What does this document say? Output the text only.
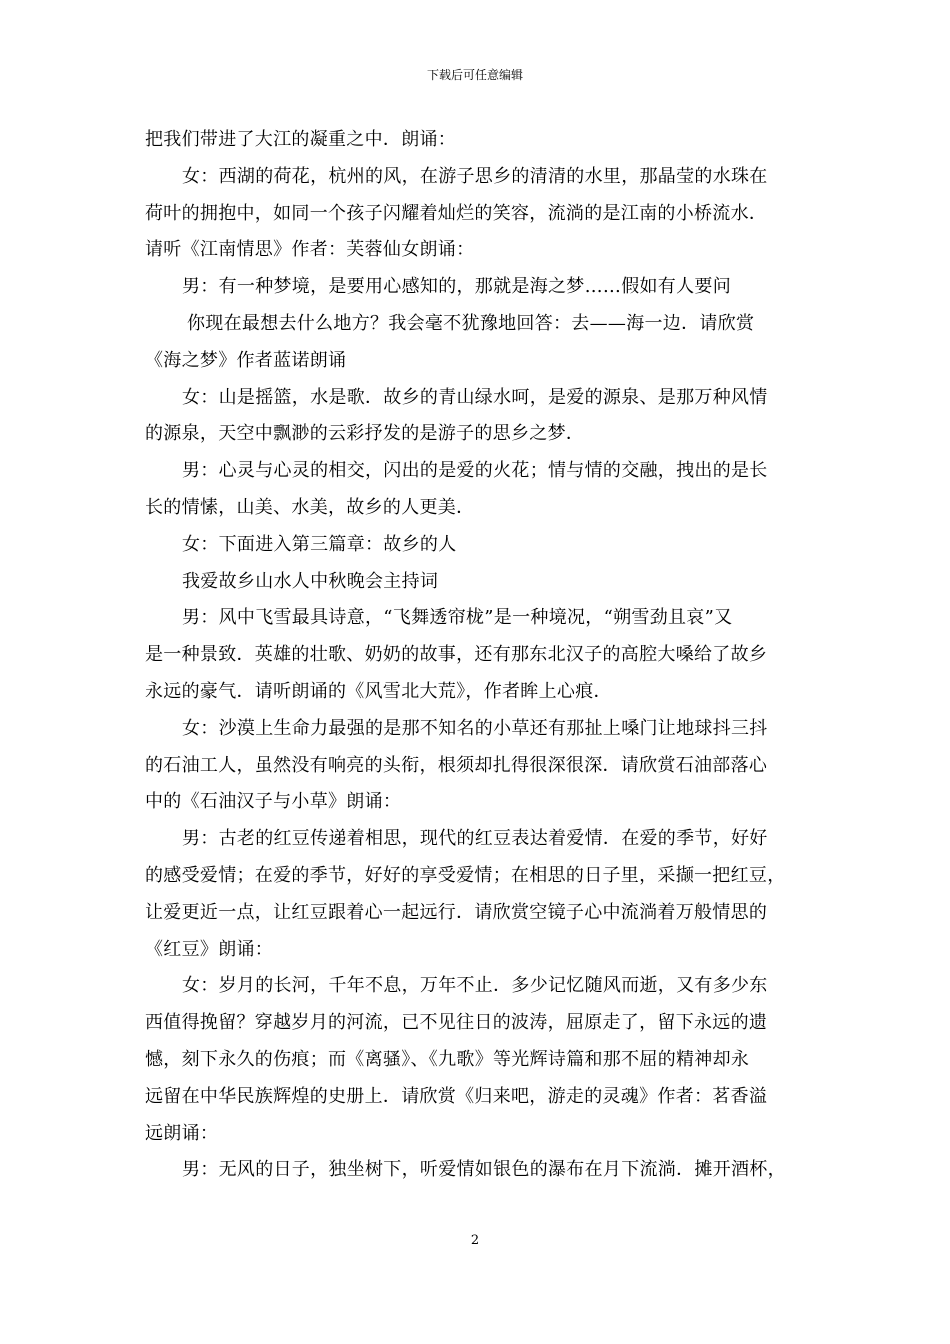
下载后可任意编辑
把我们带进了大江的凝重之中．朗诵：
女：西湖的荷花，杭州的风，在游子思乡的清清的水里，那晶莹的水珠在
荷叶的拥抱中，如同一个孩子闪耀着灿烂的笑容，流淌的是江南的小桥流水．
请听《江南情思》作者：芙蓉仙女朗诵：
男：有一种梦境，是要用心感知的，那就是海之梦……假如有人要问
你现在最想去什么地方？我会毫不犹豫地回答：去——海一边．请欣赏
《海之梦》作者蓝诺朗诵
女：山是摇篮，水是歌．故乡的青山绿水呵，是爱的源泉、是那万种风情
的源泉，天空中飘渺的云彩抒发的是游子的思乡之梦．
男：心灵与心灵的相交，闪出的是爱的火花；情与情的交融，拽出的是长
长的情愫，山美、水美，故乡的人更美．
女：下面进入第三篇章：故乡的人
我爱故乡山水人中秋晚会主持词
男：风中飞雪最具诗意，“飞舞透帘栊”是一种境况，“朔雪劲且哀”又
是一种景致．英雄的壮歌、奶奶的故事，还有那东北汉子的高腔大嗓给了故乡
永远的豪气．请听朗诵的《风雪北大荒》，作者眸上心痕．
女：沙漠上生命力最强的是那不知名的小草还有那扯上嗓门让地球抖三抖
的石油工人，虽然没有响亮的头衔，根须却扎得很深很深．请欣赏石油部落心
中的《石油汉子与小草》朗诵：
男：古老的红豆传递着相思，现代的红豆表达着爱情．在爱的季节，好好
的感受爱情；在爱的季节，好好的享受爱情；在相思的日子里，采撷一把红豆，
让爱更近一点，让红豆跟着心一起远行．请欣赏空镜子心中流淌着万般情思的
《红豆》朗诵：
女：岁月的长河，千年不息，万年不止．多少记忆随风而逝，又有多少东
西值得挽留？穿越岁月的河流，已不见往日的波涛，屈原走了，留下永远的遗
憾，刻下永久的伤痕；而《离骚》、《九歌》等光辉诗篇和那不屈的精神却永
远留在中华民族辉煌的史册上．请欣赏《归来吧，游走的灵魂》作者：茗香溢
远朗诵：
男：无风的日子，独坐树下，听爱情如银色的瀑布在月下流淌．摊开酒杯，
2
